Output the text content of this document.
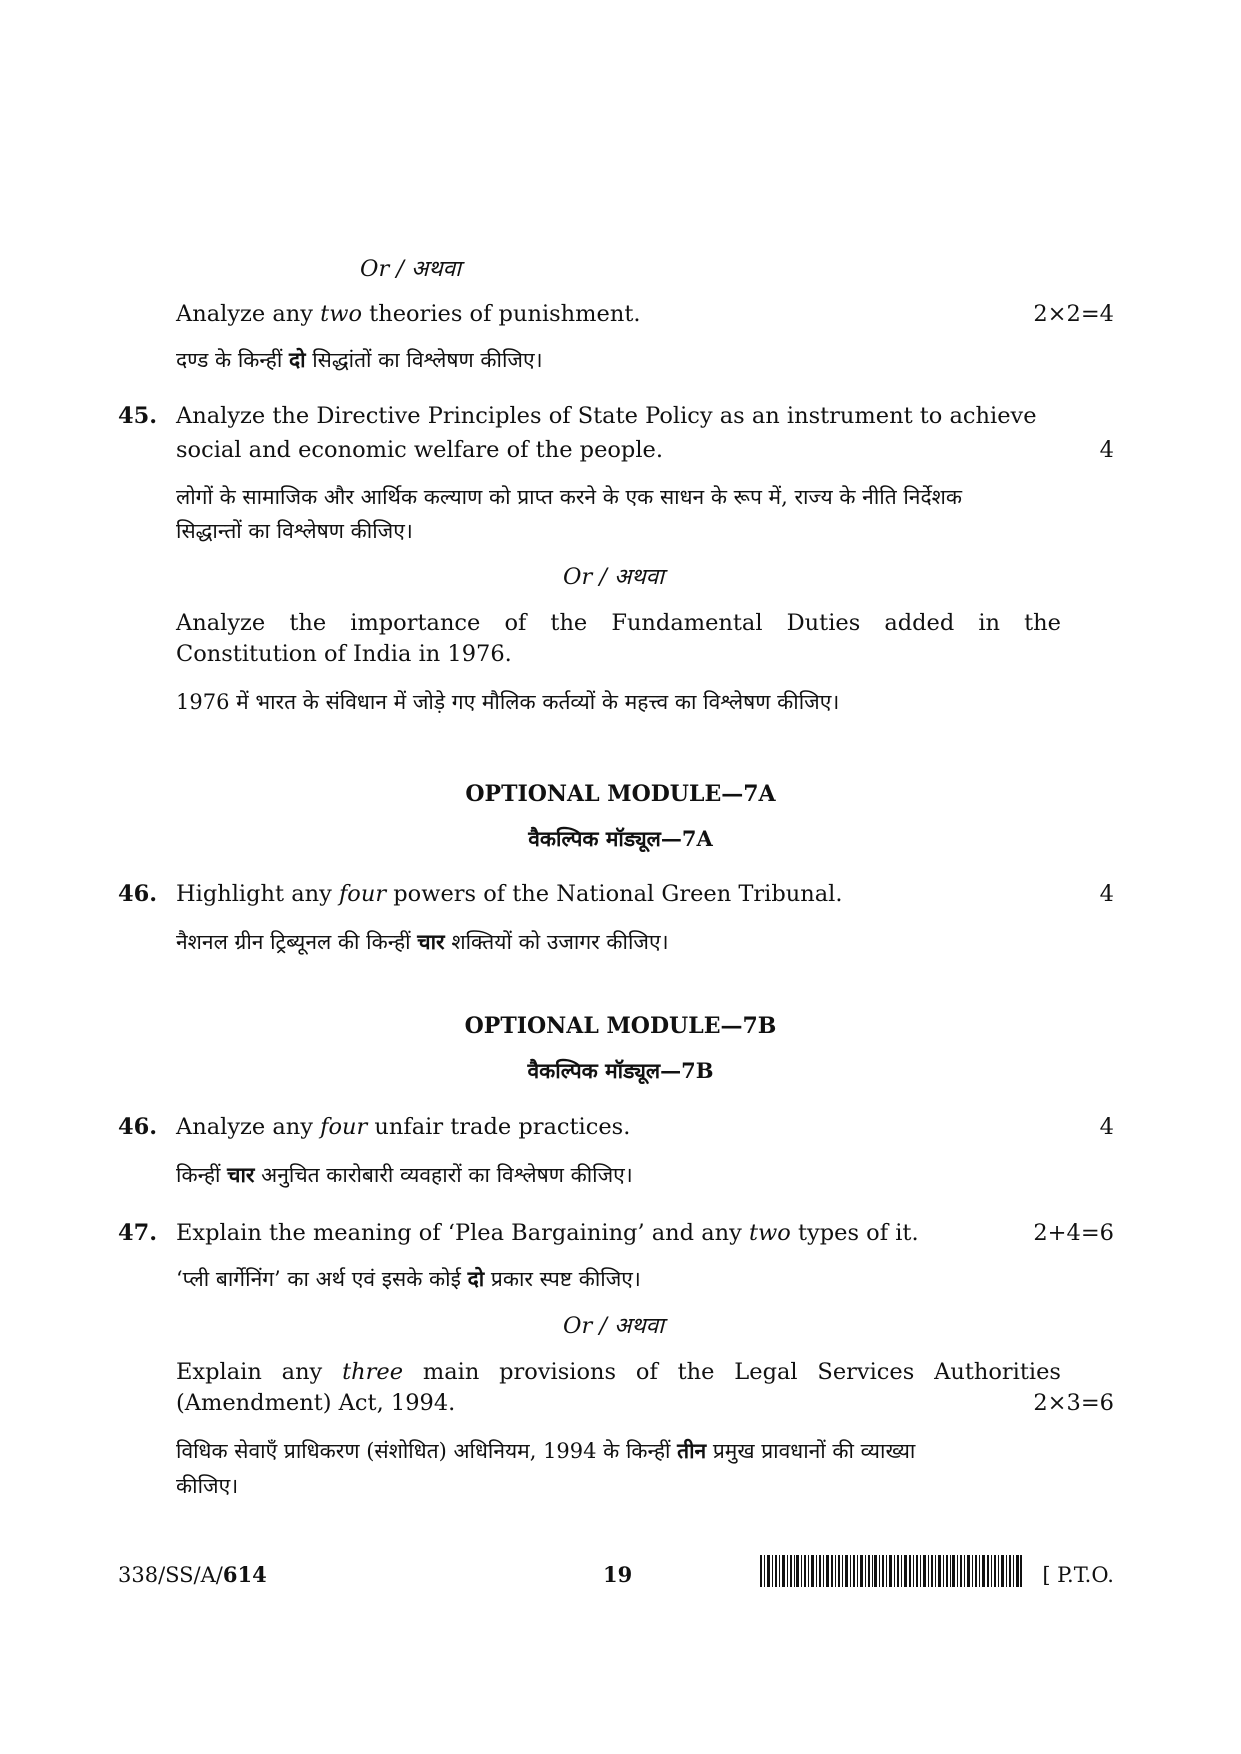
Or / अथवा
Analyze any two theories of punishment.	2×2=4
दण्ड के किन्हीं दो सिद्धांतों का विश्लेषण कीजिए।
45. Analyze the Directive Principles of State Policy as an instrument to achieve
social and economic welfare of the people.	4
लोगों के सामाजिक और आर्थिक कल्याण को प्राप्त करने के एक साधन के रूप में, राज्य के नीति निर्देशक
सिद्धान्तों का विश्लेषण कीजिए।
Or / अथवा
Analyze the importance of the Fundamental Duties added in the
Constitution of India in 1976.
1976 में भारत के संविधान में जोड़े गए मौलिक कर्तव्यों के महत्त्व का विश्लेषण कीजिए।
OPTIONAL MODULE—7A
वैकल्पिक मॉड्यूल—7A
46. Highlight any four powers of the National Green Tribunal.	4
नैशनल ग्रीन ट्रिब्यूनल की किन्हीं चार शक्तियों को उजागर कीजिए।
OPTIONAL MODULE—7B
वैकल्पिक मॉड्यूल—7B
46. Analyze any four unfair trade practices.	4
किन्हीं चार अनुचित कारोबारी व्यवहारों का विश्लेषण कीजिए।
47. Explain the meaning of ‘Plea Bargaining’ and any two types of it.	2+4=6
‘प्ली बार्गेनिंग’ का अर्थ एवं इसके कोई दो प्रकार स्पष्ट कीजिए।
Or / अथवा
Explain any three main provisions of the Legal Services Authorities
(Amendment) Act, 1994.	2×3=6
विधिक सेवाएँ प्राधिकरण (संशोधित) अधिनियम, 1994 के किन्हीं तीन प्रमुख प्रावधानों की व्याख्या
कीजिए।
338/SS/A/614	19	[ P.T.O.
